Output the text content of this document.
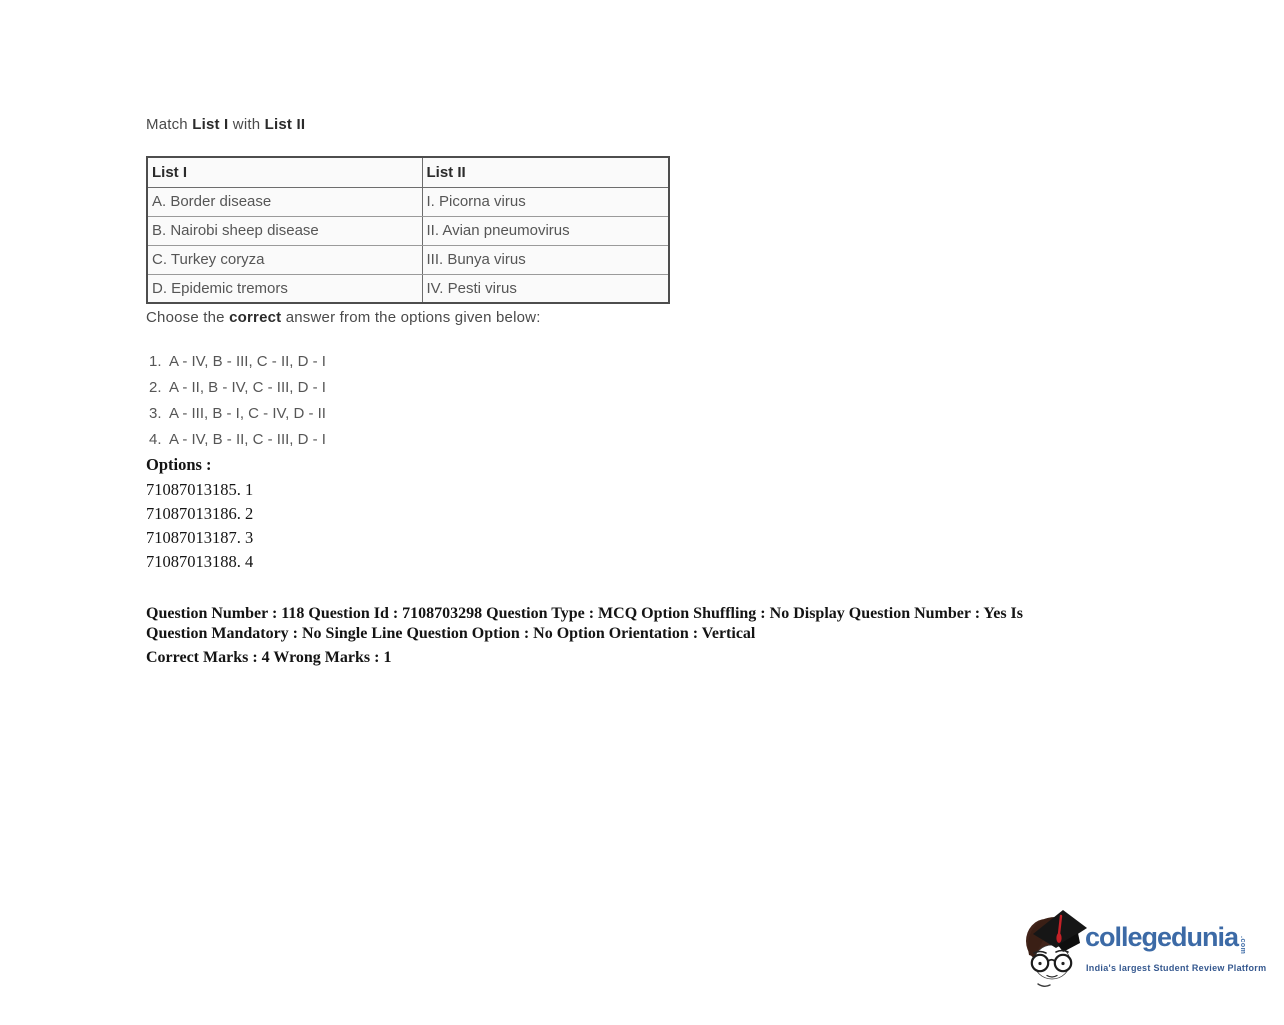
Match List I with List II
List I	List II
A. Border disease	I. Picorna virus
B. Nairobi sheep disease	II. Avian pneumovirus
C. Turkey coryza	III. Bunya virus
D. Epidemic tremors	IV. Pesti virus
Choose the correct answer from the options given below:
1. A - IV, B - III, C - II, D - I
2. A - II, B - IV, C - III, D - I
3. A - III, B - I, C - IV, D - II
4. A - IV, B - II, C - III, D - I
Options :
71087013185. 1
71087013186. 2
71087013187. 3
71087013188. 4
Question Number : 118 Question Id : 7108703298 Question Type : MCQ Option Shuffling : No Display Question Number : Yes Is
Question Mandatory : No Single Line Question Option : No Option Orientation : Vertical
Correct Marks : 4 Wrong Marks : 1
collegedunia .com
India's largest Student Review Platform
